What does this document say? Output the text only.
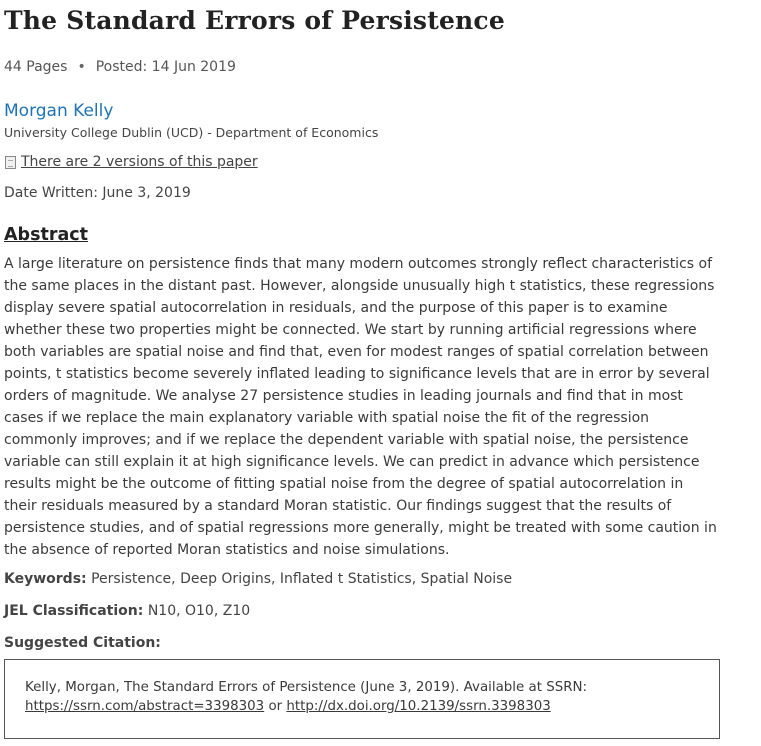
The Standard Errors of Persistence
44 Pages • Posted: 14 Jun 2019
Morgan Kelly
University College Dublin (UCD) - Department of Economics
There are 2 versions of this paper
Date Written: June 3, 2019
Abstract
A large literature on persistence finds that many modern outcomes strongly reflect characteristics of the same places in the distant past. However, alongside unusually high t statistics, these regressions display severe spatial autocorrelation in residuals, and the purpose of this paper is to examine whether these two properties might be connected. We start by running artificial regressions where both variables are spatial noise and find that, even for modest ranges of spatial correlation between points, t statistics become severely inflated leading to significance levels that are in error by several orders of magnitude. We analyse 27 persistence studies in leading journals and find that in most cases if we replace the main explanatory variable with spatial noise the fit of the regression commonly improves; and if we replace the dependent variable with spatial noise, the persistence variable can still explain it at high significance levels. We can predict in advance which persistence results might be the outcome of fitting spatial noise from the degree of spatial autocorrelation in their residuals measured by a standard Moran statistic. Our findings suggest that the results of persistence studies, and of spatial regressions more generally, might be treated with some caution in the absence of reported Moran statistics and noise simulations.
Keywords: Persistence, Deep Origins, Inflated t Statistics, Spatial Noise
JEL Classification: N10, O10, Z10
Suggested Citation:
Kelly, Morgan, The Standard Errors of Persistence (June 3, 2019). Available at SSRN:
https://ssrn.com/abstract=3398303 or http://dx.doi.org/10.2139/ssrn.3398303
